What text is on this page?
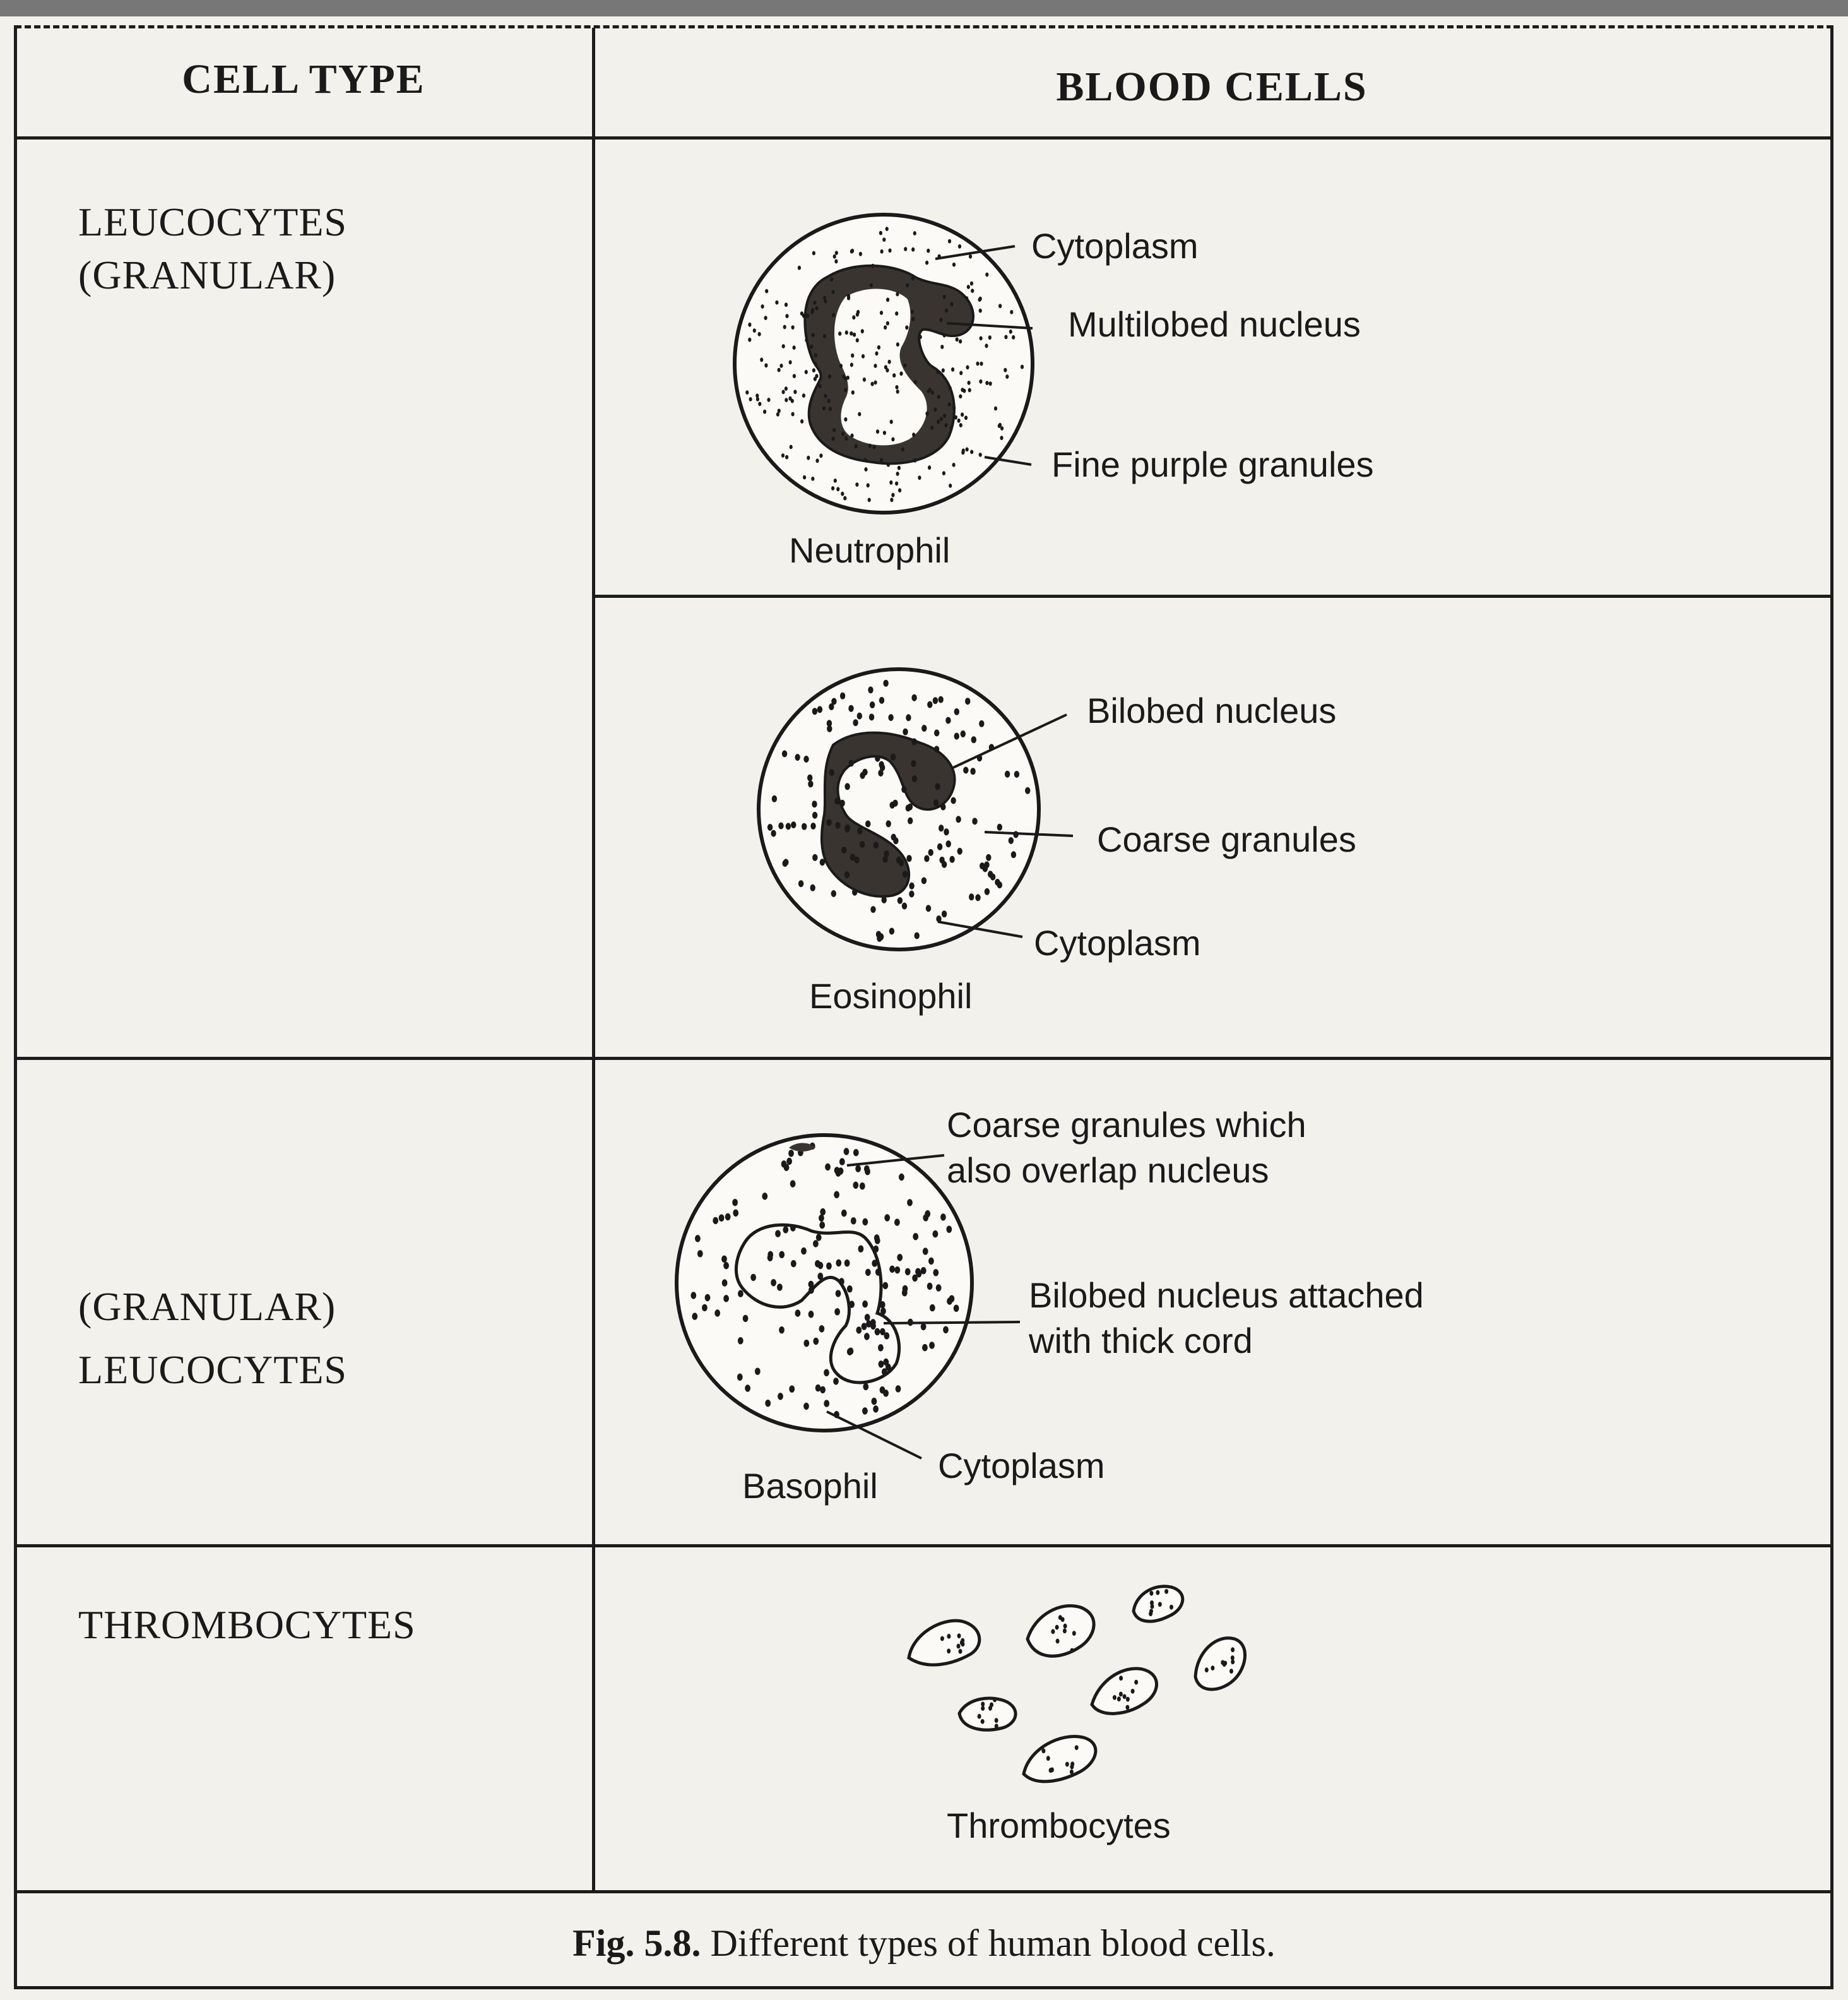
CELL TYPE	BLOOD CELLS
LEUCOCYTES
(GRANULAR)
(GRANULAR)
LEUCOCYTES
THROMBOCYTES
Cytoplasm
Multilobed nucleus
Fine purple granules
Neutrophil
Bilobed nucleus
Coarse granules
Cytoplasm
Eosinophil
Coarse granules which
also overlap nucleus
Bilobed nucleus attached
with thick cord
Cytoplasm
Basophil
Thrombocytes
Fig. 5.8. Different types of human blood cells.
